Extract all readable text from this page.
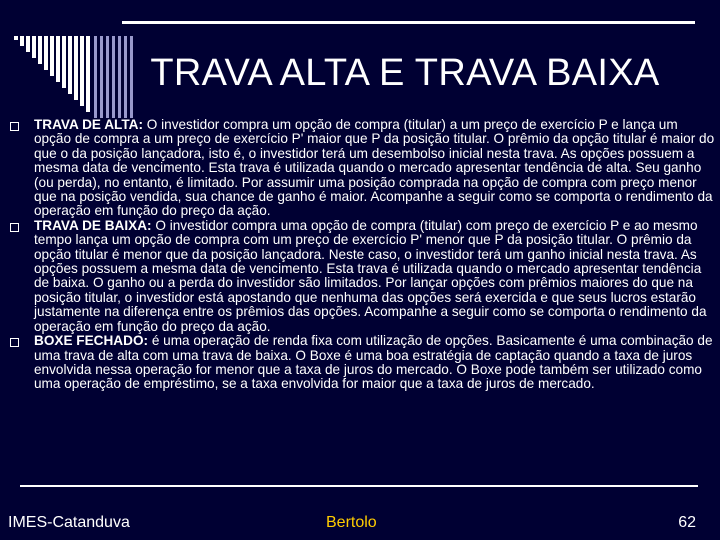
TRAVA ALTA E TRAVA BAIXA

TRAVA DE ALTA: O investidor compra um opção de compra (titular) a um preço de exercício P e lança um opção de compra a um preço de exercício P' maior que P da posição titular. O prêmio da opção titular é maior do que o da posição lançadora, isto é, o investidor terá um desembolso inicial nesta trava. As opções possuem a mesma data de vencimento. Esta trava é utilizada quando o mercado apresentar tendência de alta. Seu ganho (ou perda), no entanto, é limitado. Por assumir uma posição comprada na opção de compra com preço menor que na posição vendida, sua chance de ganho é maior. Acompanhe a seguir como se comporta o rendimento da operação em função do preço da ação.

TRAVA DE BAIXA: O investidor compra uma opção de compra (titular) com preço de exercício P e ao mesmo tempo lança um opção de compra com um preço de exercício P' menor que P da posição titular. O prêmio da opção titular é menor que da posição lançadora. Neste caso, o investidor terá um ganho inicial nesta trava. As opções possuem a mesma data de vencimento. Esta trava é utilizada quando o mercado apresentar tendência de baixa. O ganho ou a perda do investidor são limitados. Por lançar opções com prêmios maiores do que na posição titular, o investidor está apostando que nenhuma das opções será exercida e que seus lucros estarão justamente na diferença entre os prêmios das opções. Acompanhe a seguir como se comporta o rendimento da operação em função do preço da ação.

BOXE FECHADO: é uma operação de renda fixa com utilização de opções. Basicamente é uma combinação de uma trava de alta com uma trava de baixa. O Boxe é uma boa estratégia de captação quando a taxa de juros envolvida nessa operação for menor que a taxa de juros do mercado. O Boxe pode também ser utilizado como uma operação de empréstimo, se a taxa envolvida for maior que a taxa de juros de mercado.

IMES-Catanduva	Bertolo	62
